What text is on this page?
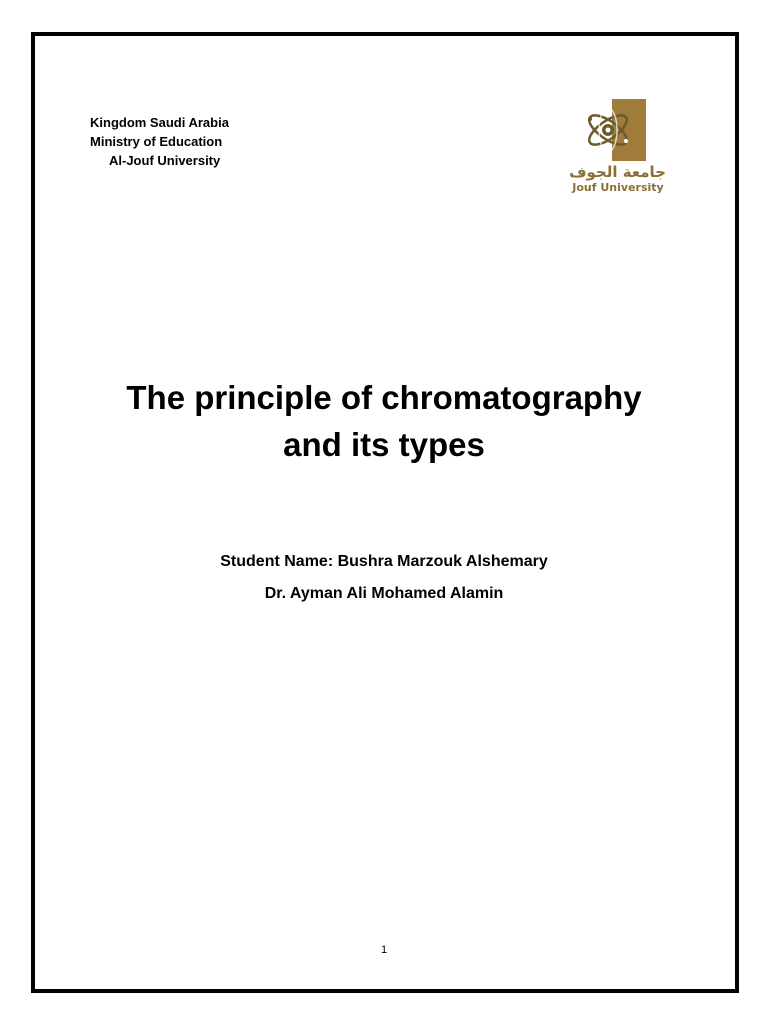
Kingdom Saudi Arabia
Ministry of Education
Al-Jouf University
جامعة الجوف
Jouf University
The principle of chromatography
and its types
Student Name: Bushra Marzouk Alshemary
Dr. Ayman Ali Mohamed Alamin
1
